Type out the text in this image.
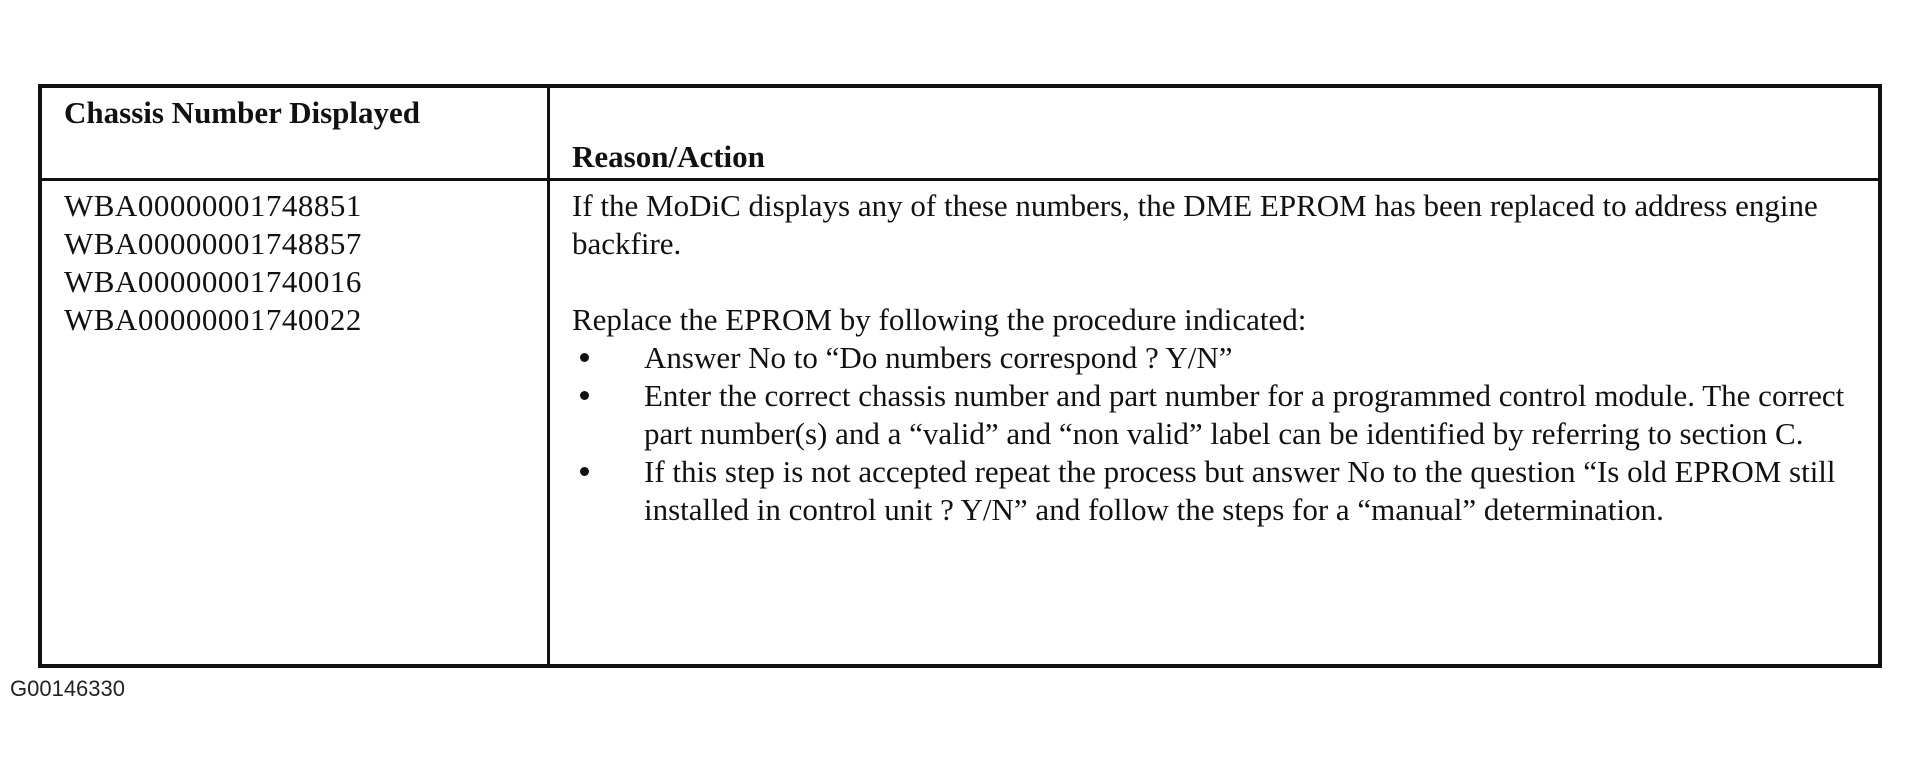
Chassis Number Displayed
Reason/Action
WBA00000001748851
WBA00000001748857
WBA00000001740016
WBA00000001740022

If the MoDiC displays any of these numbers, the DME EPROM has been replaced to address engine backfire.

Replace the EPROM by following the procedure indicated:

Answer No to “Do numbers correspond ? Y/N”
Enter the correct chassis number and part number for a programmed control module. The correct part number(s) and a “valid” and “non valid” label can be identified by referring to section C.
If this step is not accepted repeat the process but answer No to the question “Is old EPROM still installed in control unit ? Y/N” and follow the steps for a “manual” determination.
G00146330
